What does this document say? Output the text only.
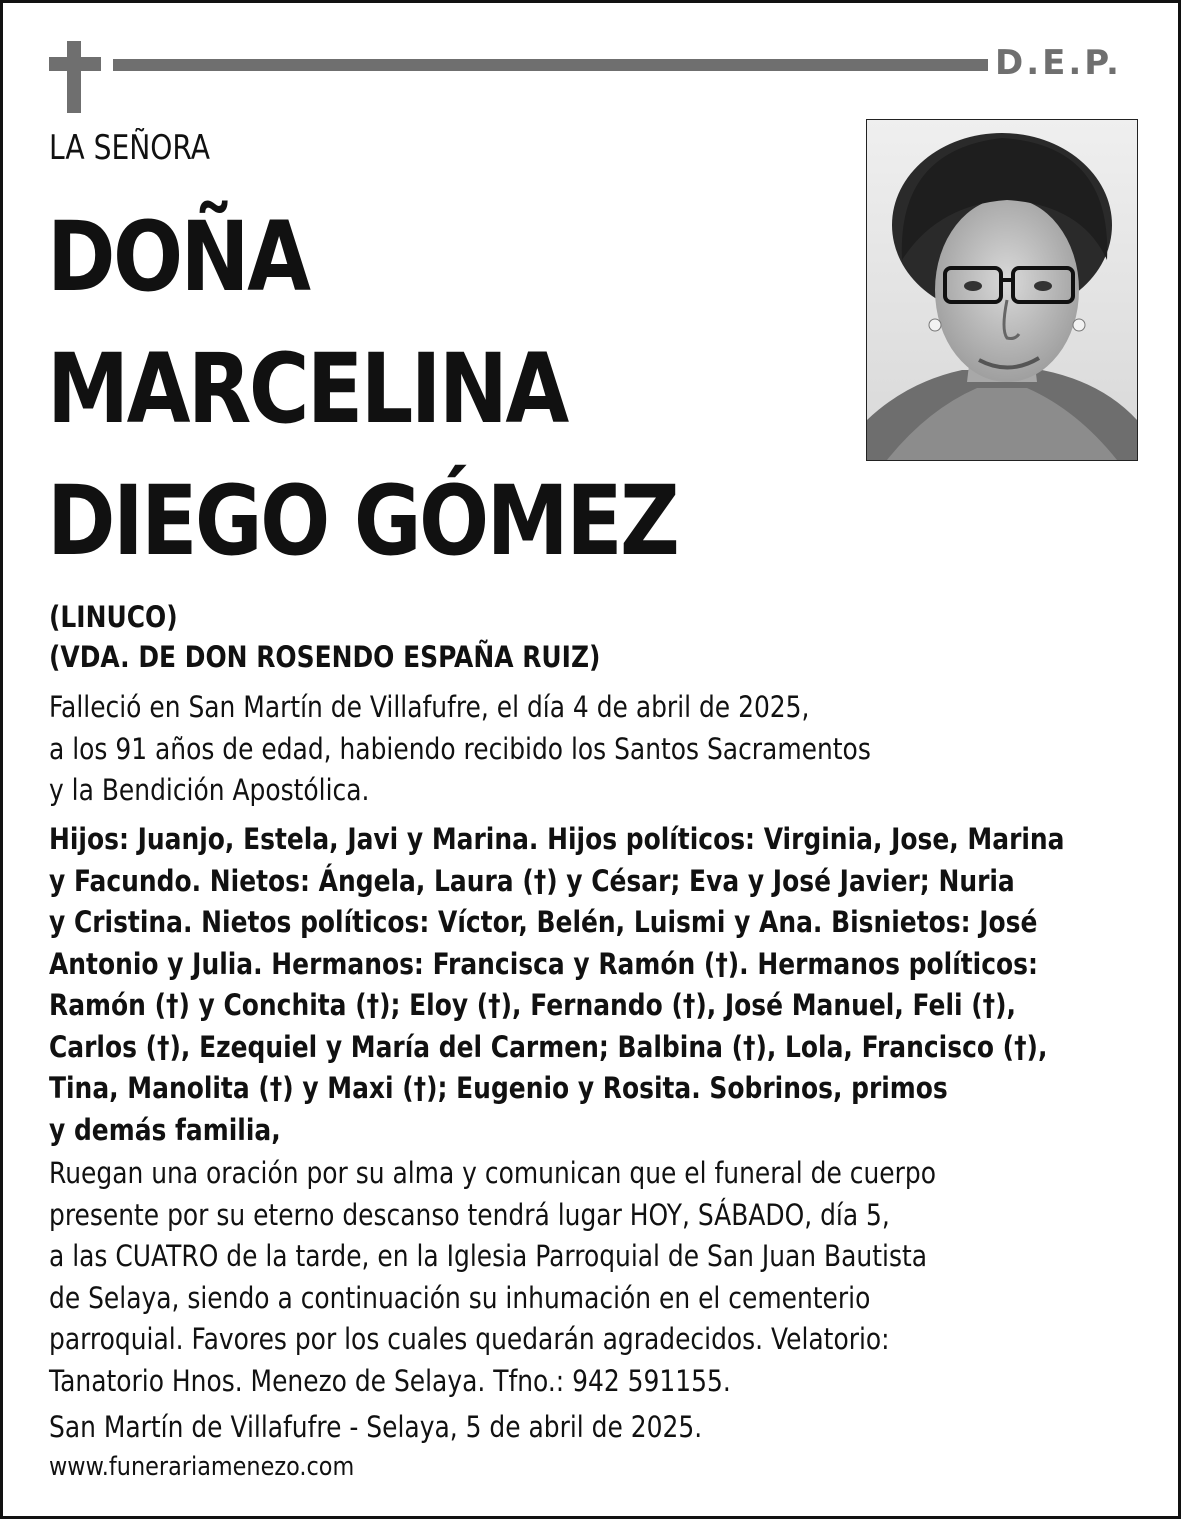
D.E.P.
LA SEÑORA
DOÑA
MARCELINA
DIEGO GÓMEZ
(LINUCO)
(VDA. DE DON ROSENDO ESPAÑA RUIZ)
Falleció en San Martín de Villafufre, el día 4 de abril de 2025,
a los 91 años de edad, habiendo recibido los Santos Sacramentos
y la Bendición Apostólica.
Hijos: Juanjo, Estela, Javi y Marina. Hijos políticos: Virginia, Jose, Marina
y Facundo. Nietos: Ángela, Laura (†) y César; Eva y José Javier; Nuria
y Cristina. Nietos políticos: Víctor, Belén, Luismi y Ana. Bisnietos: José
Antonio y Julia. Hermanos: Francisca y Ramón (†). Hermanos políticos:
Ramón (†) y Conchita (†); Eloy (†), Fernando (†), José Manuel, Feli (†),
Carlos (†), Ezequiel y María del Carmen; Balbina (†), Lola, Francisco (†),
Tina, Manolita (†) y Maxi (†); Eugenio y Rosita. Sobrinos, primos
y demás familia,
Ruegan una oración por su alma y comunican que el funeral de cuerpo
presente por su eterno descanso tendrá lugar HOY, SÁBADO, día 5,
a las CUATRO de la tarde, en la Iglesia Parroquial de San Juan Bautista
de Selaya, siendo a continuación su inhumación en el cementerio
parroquial. Favores por los cuales quedarán agradecidos. Velatorio:
Tanatorio Hnos. Menezo de Selaya. Tfno.: 942 591155.
San Martín de Villafufre - Selaya, 5 de abril de 2025.
www.funerariamenezo.com
